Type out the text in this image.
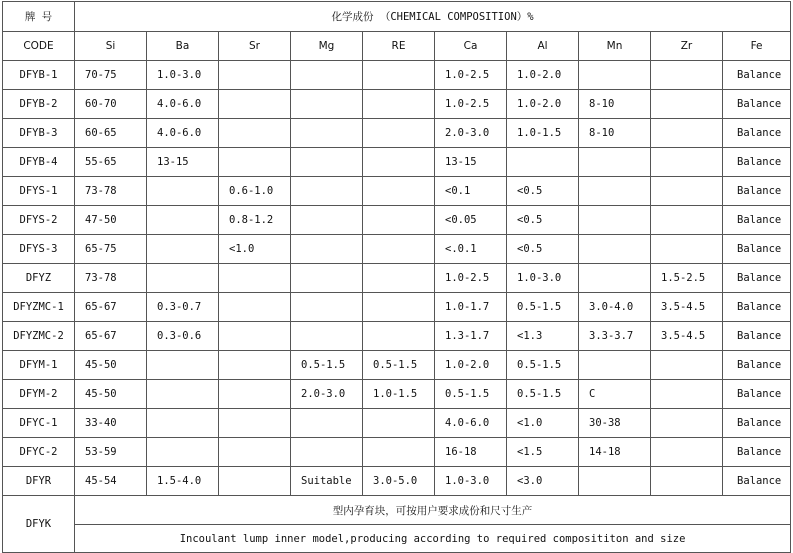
牌 号	化学成份 （CHEMICAL COMPOSITION）%									
CODE	Si	Ba	Sr	Mg	RE	Ca	Al	Mn	Zr	Fe
DFYB-1	70-75	1.0-3.0				1.0-2.5	1.0-2.0			Balance
DFYB-2	60-70	4.0-6.0				1.0-2.5	1.0-2.0	8-10		Balance
DFYB-3	60-65	4.0-6.0				2.0-3.0	1.0-1.5	8-10		Balance
DFYB-4	55-65	13-15				13-15				Balance
DFYS-1	73-78		0.6-1.0			<0.1	<0.5			Balance
DFYS-2	47-50		0.8-1.2			<0.05	<0.5			Balance
DFYS-3	65-75		<1.0			<.0.1	<0.5			Balance
DFYZ	73-78					1.0-2.5	1.0-3.0		1.5-2.5	Balance
DFYZMC-1	65-67	0.3-0.7				1.0-1.7	0.5-1.5	3.0-4.0	3.5-4.5	Balance
DFYZMC-2	65-67	0.3-0.6				1.3-1.7	<1.3	3.3-3.7	3.5-4.5	Balance
DFYM-1	45-50			0.5-1.5	0.5-1.5	1.0-2.0	0.5-1.5			Balance
DFYM-2	45-50			2.0-3.0	1.0-1.5	0.5-1.5	0.5-1.5	C		Balance
DFYC-1	33-40					4.0-6.0	<1.0	30-38		Balance
DFYC-2	53-59					16-18	<1.5	14-18		Balance
DFYR	45-54	1.5-4.0		Suitable	3.0-5.0	1.0-3.0	<3.0			Balance
DFYK	型内孕育块，可按用户要求成份和尺寸生产									
	Incoulant lump inner model,producing according to required composititon and size									
